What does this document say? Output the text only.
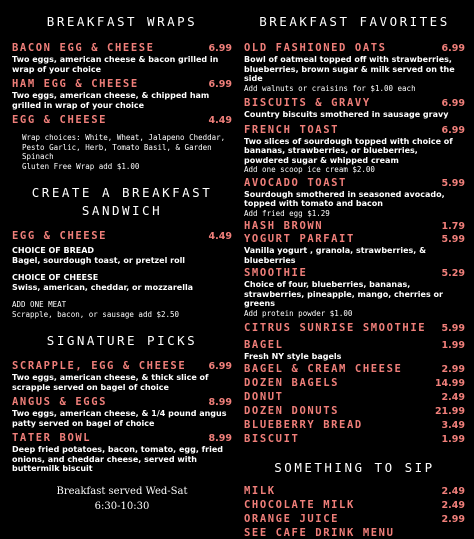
BREAKFAST WRAPS
BACON EGG & CHEESE	6.99
Two eggs, american cheese & bacon grilled in wrap of your choice
HAM EGG & CHEESE	6.99
Two eggs, american cheese, & chipped ham grilled in wrap of your choice
EGG & CHEESE	4.49
Wrap choices: White, Wheat, Jalapeno Cheddar, Pesto Garlic, Herb, Tomato Basil, & Garden Spinach
Gluten Free Wrap add $1.00
CREATE A BREAKFAST
SANDWICH
EGG & CHEESE	4.49
CHOICE OF BREAD
Bagel, sourdough toast, or pretzel roll
CHOICE OF CHEESE
Swiss, american, cheddar, or mozzarella
ADD ONE MEAT
Scrapple, bacon, or sausage add $2.50
SIGNATURE PICKS
SCRAPPLE, EGG & CHEESE 6.99
Two eggs, american cheese, & thick slice of scrapple served on bagel of choice
ANGUS & EGGS	8.99
Two eggs, american cheese, & 1/4 pound angus patty served on bagel of choice
TATER BOWL	8.99
Deep fried potatoes, bacon, tomato, egg, fried onions, and cheddar cheese, served with buttermilk biscuit
Breakfast served Wed-Sat
6:30-10:30
BREAKFAST FAVORITES
OLD FASHIONED OATS	6.99
Bowl of oatmeal topped off with strawberries, blueberries, brown sugar & milk served on the side
Add walnuts or craisins for $1.00 each
BISCUITS & GRAVY	6.99
Country biscuits smothered in sausage gravy
FRENCH TOAST	6.99
Two slices of sourdough topped with choice of bananas, strawberries, or blueberries, powdered sugar & whipped cream
Add one scoop ice cream $2.00
AVOCADO TOAST	5.99
Sourdough smothered in seasoned avocado, topped with tomato and bacon
Add fried egg $1.29
HASH BROWN	1.79
YOGURT PARFAIT	5.99
Vanilla yogurt , granola, strawberries, & blueberries
SMOOTHIE	5.29
Choice of four, blueberries, bananas, strawberries, pineapple, mango, cherries or greens
Add protein powder $1.00
CITRUS SUNRISE SMOOTHIE 5.99
BAGEL	1.99
Fresh NY style bagels
BAGEL & CREAM CHEESE	2.99
DOZEN BAGELS	14.99
DONUT	2.49
DOZEN DONUTS	21.99
BLUEBERRY BREAD	3.49
BISCUIT	1.99
SOMETHING TO SIP
MILK	2.49
CHOCOLATE MILK	2.49
ORANGE JUICE	2.99
SEE CAFE DRINK MENU
